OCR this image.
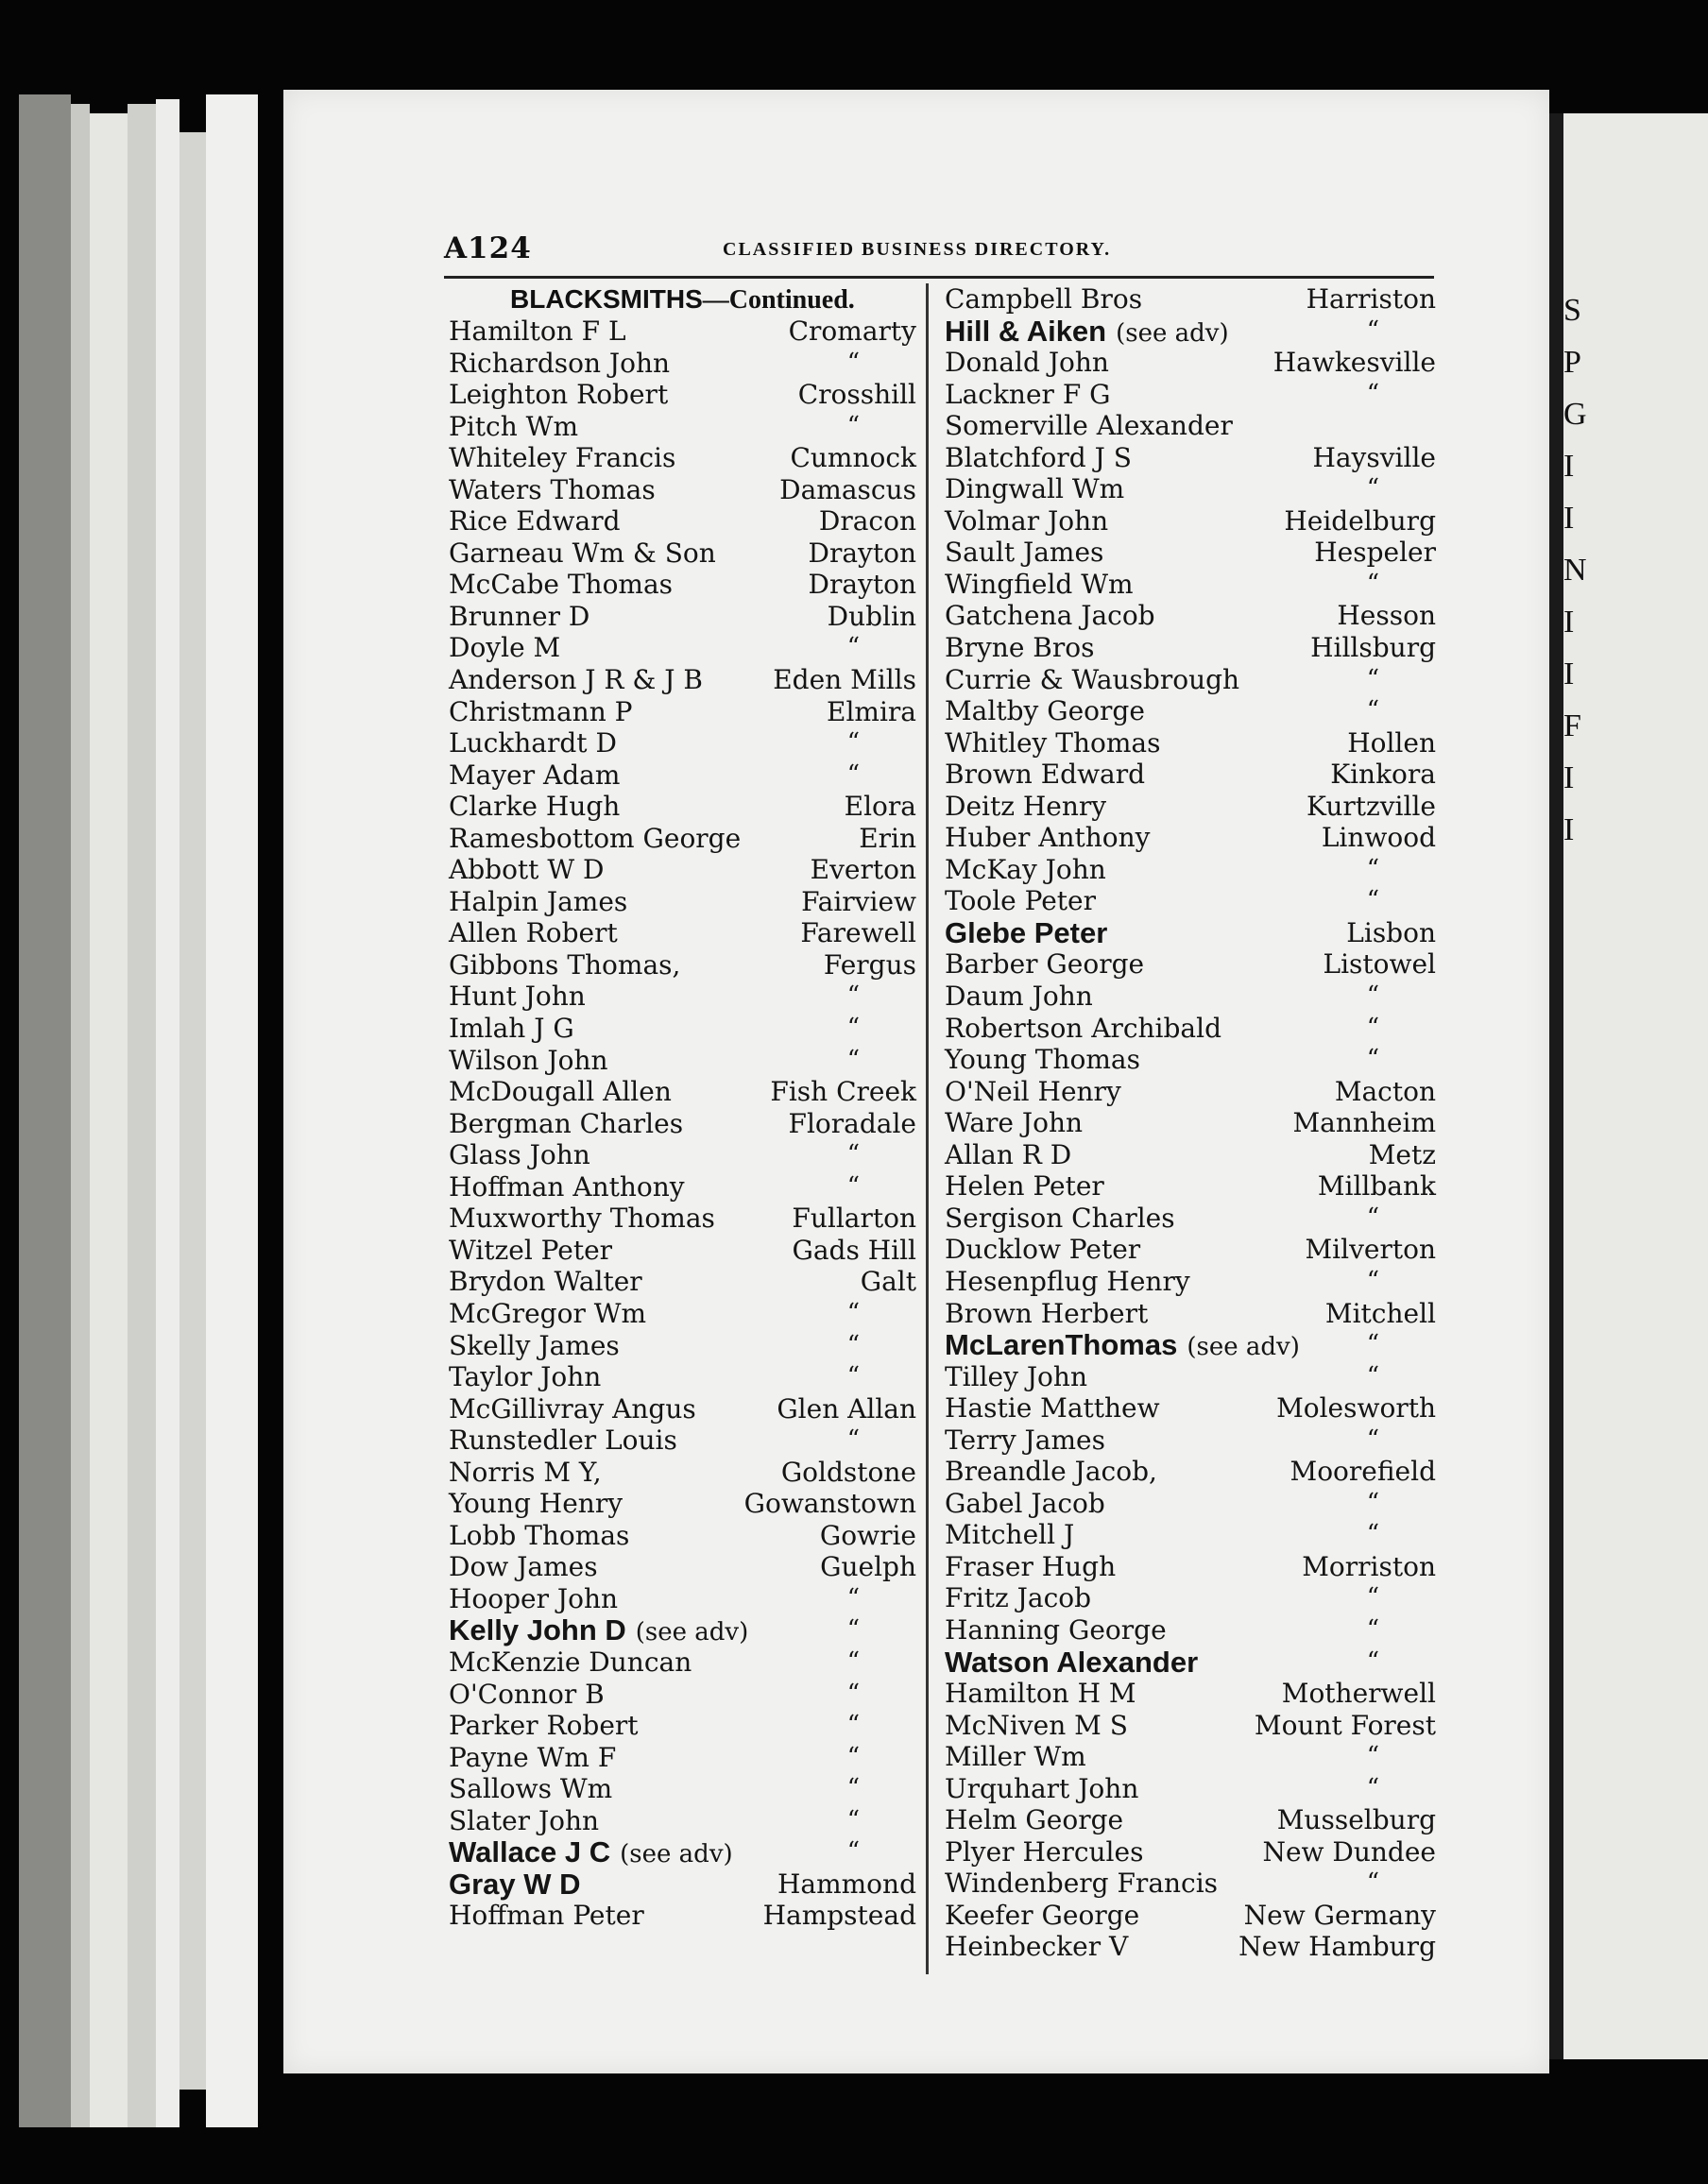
S
P
G
I
I
N
I
I
F
I
I
A124	CLASSIFIED BUSINESS DIRECTORY.
BLACKSMITHS—Continued.
Hamilton F L	Cromarty
Richardson John	“
Leighton Robert	Crosshill
Pitch Wm	“
Whiteley Francis	Cumnock
Waters Thomas	Damascus
Rice Edward	Dracon
Garneau Wm & Son	Drayton
McCabe Thomas	Drayton
Brunner D	Dublin
Doyle M	“
Anderson J R & J B	Eden Mills
Christmann P	Elmira
Luckhardt D	“
Mayer Adam	“
Clarke Hugh	Elora
Ramesbottom George	Erin
Abbott W D	Everton
Halpin James	Fairview
Allen Robert	Farewell
Gibbons Thomas,	Fergus
Hunt John	“
Imlah J G	“
Wilson John	“
McDougall Allen	Fish Creek
Bergman Charles	Floradale
Glass John	“
Hoffman Anthony	“
Muxworthy Thomas	Fullarton
Witzel Peter	Gads Hill
Brydon Walter	Galt
McGregor Wm	“
Skelly James	“
Taylor John	“
McGillivray Angus	Glen Allan
Runstedler Louis	“
Norris M Y,	Goldstone
Young Henry	Gowanstown
Lobb Thomas	Gowrie
Dow James	Guelph
Hooper John	“
Kelly John D (see adv)	“
McKenzie Duncan	“
O'Connor B	“
Parker Robert	“
Payne Wm F	“
Sallows Wm	“
Slater John	“
Wallace J C (see adv)	“
Gray W D	Hammond
Hoffman Peter	Hampstead
Campbell Bros	Harriston
Hill & Aiken (see adv)	“
Donald John	Hawkesville
Lackner F G	“
Somerville Alexander
Blatchford J S	Haysville
Dingwall Wm	“
Volmar John	Heidelburg
Sault James	Hespeler
Wingfield Wm	“
Gatchena Jacob	Hesson
Bryne Bros	Hillsburg
Currie & Wausbrough	“
Maltby George	“
Whitley Thomas	Hollen
Brown Edward	Kinkora
Deitz Henry	Kurtzville
Huber Anthony	Linwood
McKay John	“
Toole Peter	“
Glebe Peter	Lisbon
Barber George	Listowel
Daum John	“
Robertson Archibald	“
Young Thomas	“
O'Neil Henry	Macton
Ware John	Mannheim
Allan R D	Metz
Helen Peter	Millbank
Sergison Charles	“
Ducklow Peter	Milverton
Hesenpflug Henry	“
Brown Herbert	Mitchell
McLarenThomas (see adv)	“
Tilley John	“
Hastie Matthew	Molesworth
Terry James	“
Breandle Jacob,	Moorefield
Gabel Jacob	“
Mitchell J	“
Fraser Hugh	Morriston
Fritz Jacob	“
Hanning George	“
Watson Alexander	“
Hamilton H M	Motherwell
McNiven M S	Mount Forest
Miller Wm	“
Urquhart John	“
Helm George	Musselburg
Plyer Hercules	New Dundee
Windenberg Francis	“
Keefer George	New Germany
Heinbecker V	New Hamburg
